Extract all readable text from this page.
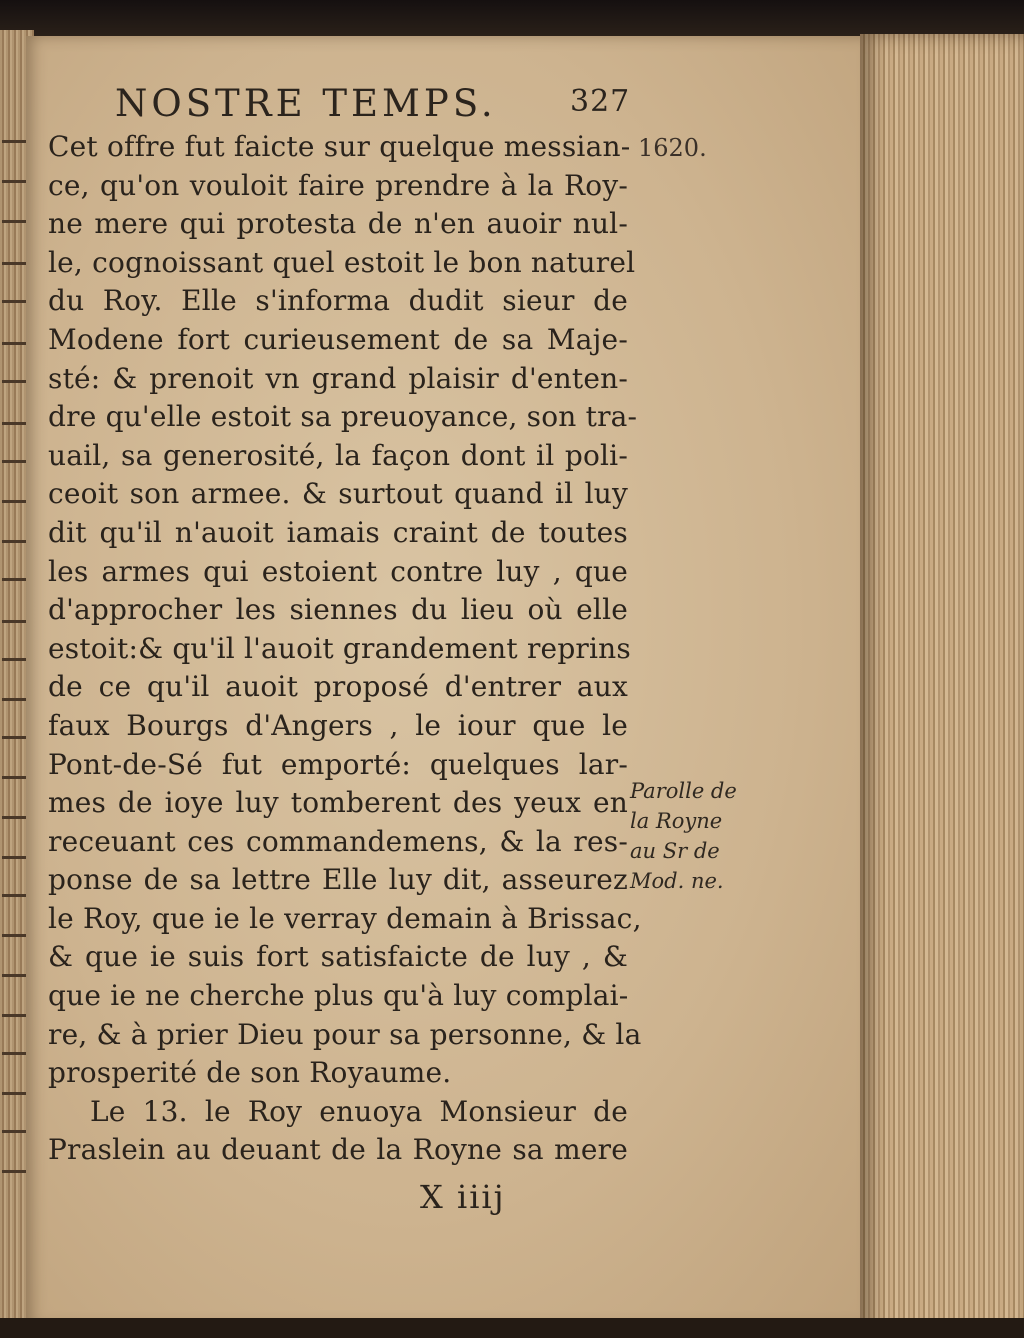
NOSTRE TEMPS. 327
1620.
Cet offre fut faicte sur quelque messian-
ce, qu'on vouloit faire prendre à la Roy-
ne mere qui protesta de n'en auoir nul-
le, cognoissant quel estoit le bon naturel
du Roy. Elle s'informa dudit sieur de
Modene fort curieusement de sa Maje-
sté: & prenoit vn grand plaisir d'enten-
dre qu'elle estoit sa preuoyance, son tra-
uail, sa generosité, la façon dont il poli-
ceoit son armee. & surtout quand il luy
dit qu'il n'auoit iamais craint de toutes
les armes qui estoient contre luy , que
d'approcher les siennes du lieu où elle
estoit:& qu'il l'auoit grandement reprins
de ce qu'il auoit proposé d'entrer aux
faux Bourgs d'Angers , le iour que le
Pont-de-Sé fut emporté: quelques lar-
mes de ioye luy tomberent des yeux en
receuant ces commandemens, & la res-
ponse de sa lettre Elle luy dit, asseurez
le Roy, que ie le verray demain à Brissac,
& que ie suis fort satisfaicte de luy , &
que ie ne cherche plus qu'à luy complai-
re, & à prier Dieu pour sa personne, & la
prosperité de son Royaume.
Le 13. le Roy enuoya Monsieur de
Praslein au deuant de la Royne sa mere
Parolle de
la Royne
au Sr de
Mod. ne.
X iiij
